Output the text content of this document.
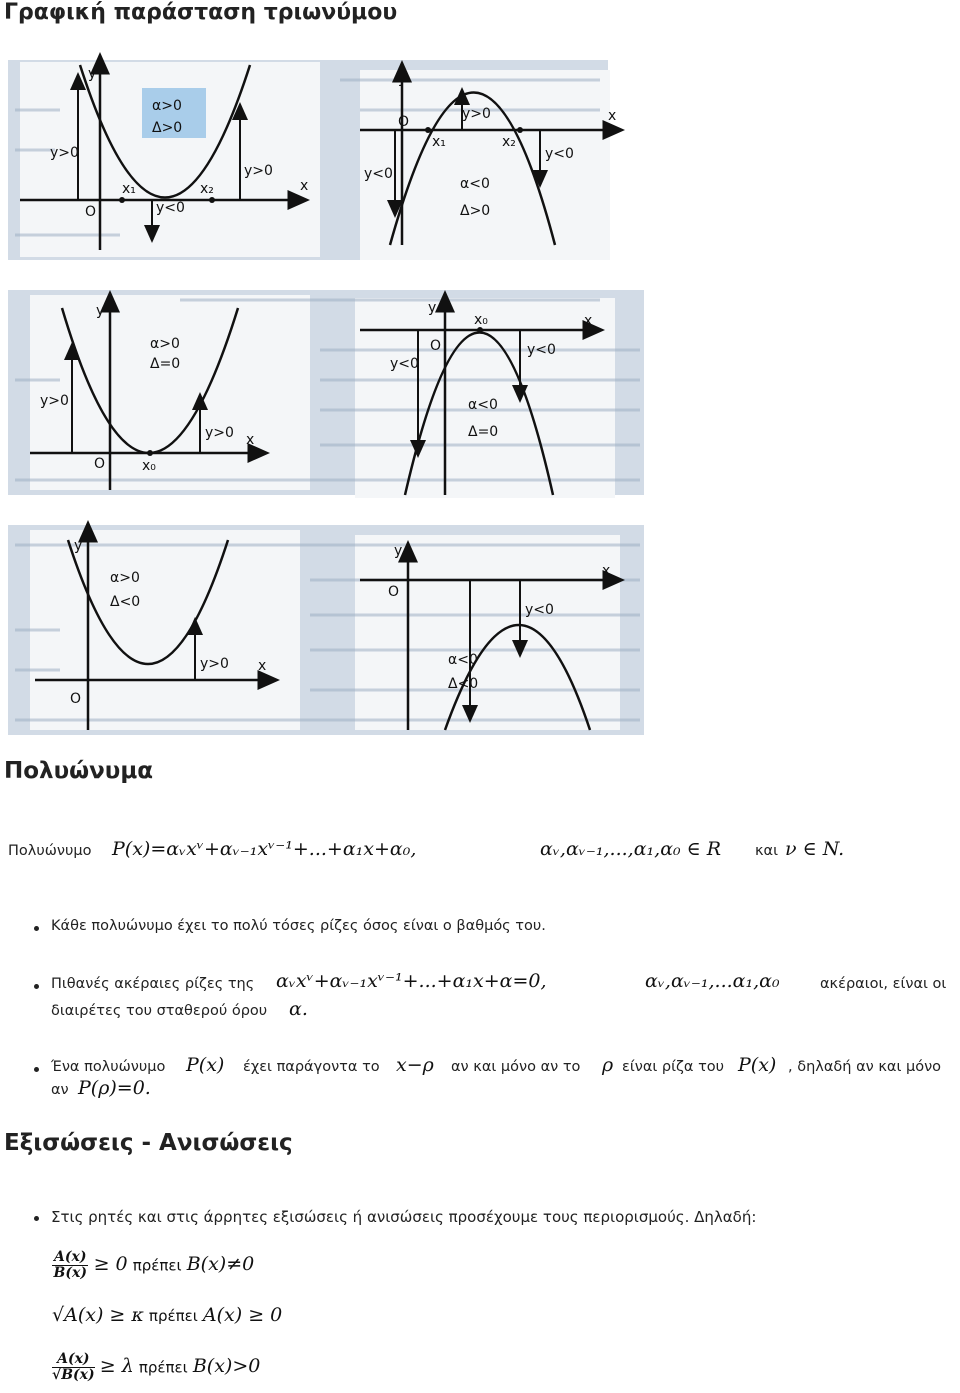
Γραφική παράσταση τριωνύμου
y
x
O
x₁	x₂
y>0
y>0
y<0
α>0
Δ>0
y
x
O
x₁	x₂
y>0
y<0
y<0
α<0
Δ>0
y
x
O	x₀
y>0
y>0
α>0
Δ=0
y
x
O
x₀
y<0
y<0
α<0
Δ=0
y
x
O
y>0
α>0
Δ<0
y
x
O
y<0
α<0
Δ<0
Πολυώνυμα
Πολυώνυμο P(x)=αᵥxᵛ+αᵥ₋₁xᵛ⁻¹+...+α₁x+α₀,	αᵥ,αᵥ₋₁,...,α₁,α₀ ∈ R και ν ∈ N.
Κάθε πολυώνυμο έχει το πολύ τόσες ρίζες όσος είναι ο βαθμός του.
Πιθανές ακέραιες ρίζες της αᵥxᵛ+αᵥ₋₁xᵛ⁻¹+...+α₁x+α=0,	αᵥ,αᵥ₋₁,...α₁,α₀	ακέραιοι, είναι οι
διαιρέτες του σταθερού όρου α.
Ένα πολυώνυμο P(x) έχει παράγοντα το x−ρ αν και μόνο αν το ρ είναι ρίζα του P(x) , δηλαδή αν και μόνο
αν P(ρ)=0.
Εξισώσεις - Ανισώσεις
Στις ρητές και στις άρρητες εξισώσεις ή ανισώσεις προσέχουμε τους περιορισμούς. Δηλαδή:
$\frac{A(x)}{B(x)} \ge 0$ πρέπει B(x)≠0
√A(x) ≥ κ πρέπει A(x) ≥ 0
$\frac{A(x)}{√B(x)} \ge \lambda$ πρέπει B(x)>0
